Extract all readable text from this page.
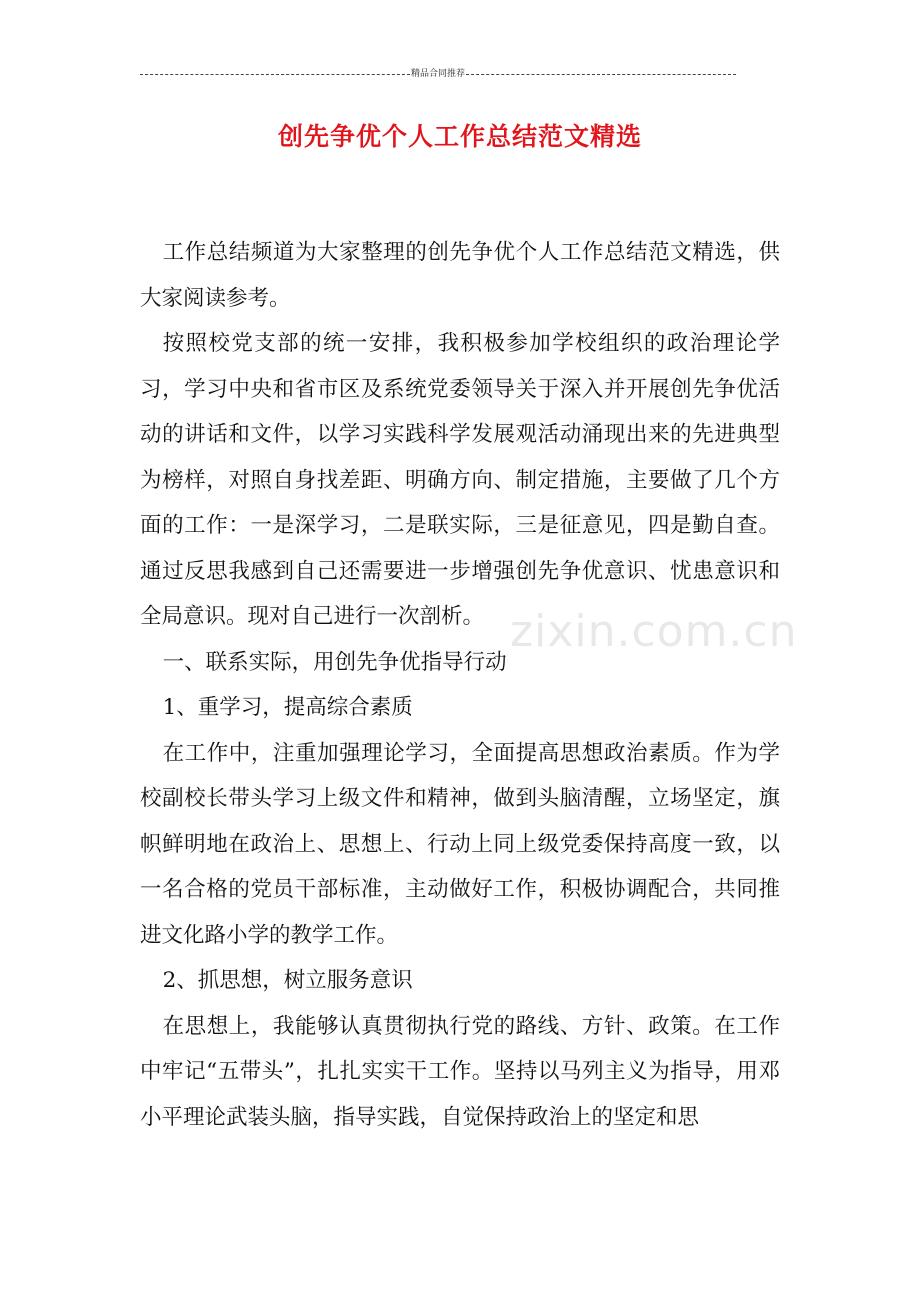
精品合同推荐
创先争优个人工作总结范文精选

工作总结频道为大家整理的创先争优个人工作总结范文精选，供大家阅读参考。

按照校党支部的统一安排，我积极参加学校组织的政治理论学习，学习中央和省市区及系统党委领导关于深入并开展创先争优活动的讲话和文件，以学习实践科学发展观活动涌现出来的先进典型为榜样，对照自身找差距、明确方向、制定措施，主要做了几个方面的工作：一是深学习，二是联实际，三是征意见，四是勤自查。通过反思我感到自己还需要进一步增强创先争优意识、忧患意识和全局意识。现对自己进行一次剖析。

一、联系实际，用创先争优指导行动

1、重学习，提高综合素质

在工作中，注重加强理论学习，全面提高思想政治素质。作为学校副校长带头学习上级文件和精神，做到头脑清醒，立场坚定，旗帜鲜明地在政治上、思想上、行动上同上级党委保持高度一致，以一名合格的党员干部标准，主动做好工作，积极协调配合，共同推进文化路小学的教学工作。

2、抓思想，树立服务意识

在思想上，我能够认真贯彻执行党的路线、方针、政策。在工作中牢记“五带头”，扎扎实实干工作。坚持以马列主义为指导，用邓小平理论武装头脑，指导实践，自觉保持政治上的坚定和思

zixin.com.cn
